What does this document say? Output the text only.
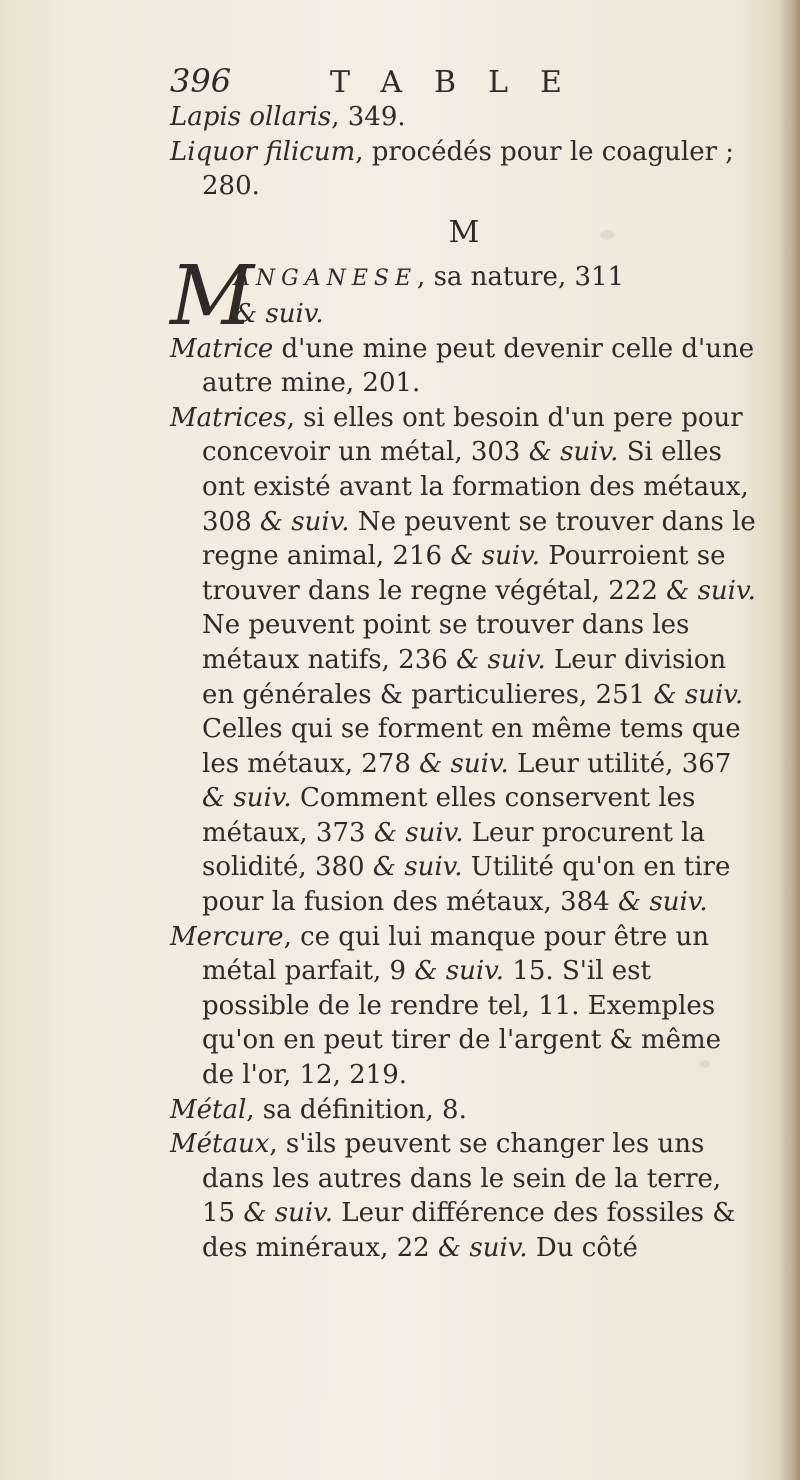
396	TABLE

Lapis ollaris, 349.

Liquor filicum, procédés pour le coaguler ; 280.

M

M
ANGANESE, sa nature, 311
& suiv.

Matrice d'une mine peut devenir celle d'une autre mine, 201.

Matrices, si elles ont besoin d'un pere pour concevoir un métal, 303 & suiv. Si elles ont existé avant la formation des métaux, 308 & suiv. Ne peuvent se trouver dans le regne animal, 216 & suiv. Pourroient se trouver dans le regne végétal, 222 & suiv. Ne peuvent point se trouver dans les métaux natifs, 236 & suiv. Leur division en générales & particulieres, 251 & suiv. Celles qui se forment en même tems que les métaux, 278 & suiv. Leur utilité, 367 & suiv. Comment elles conservent les métaux, 373 & suiv. Leur procurent la solidité, 380 & suiv. Utilité qu'on en tire pour la fusion des métaux, 384 & suiv.

Mercure, ce qui lui manque pour être un métal parfait, 9 & suiv. 15. S'il est possible de le rendre tel, 11. Exemples qu'on en peut tirer de l'argent & même de l'or, 12, 219.

Métal, sa définition, 8.

Métaux, s'ils peuvent se changer les uns dans les autres dans le sein de la terre, 15 & suiv. Leur différence des fossiles & des minéraux, 22 & suiv. Du côté
